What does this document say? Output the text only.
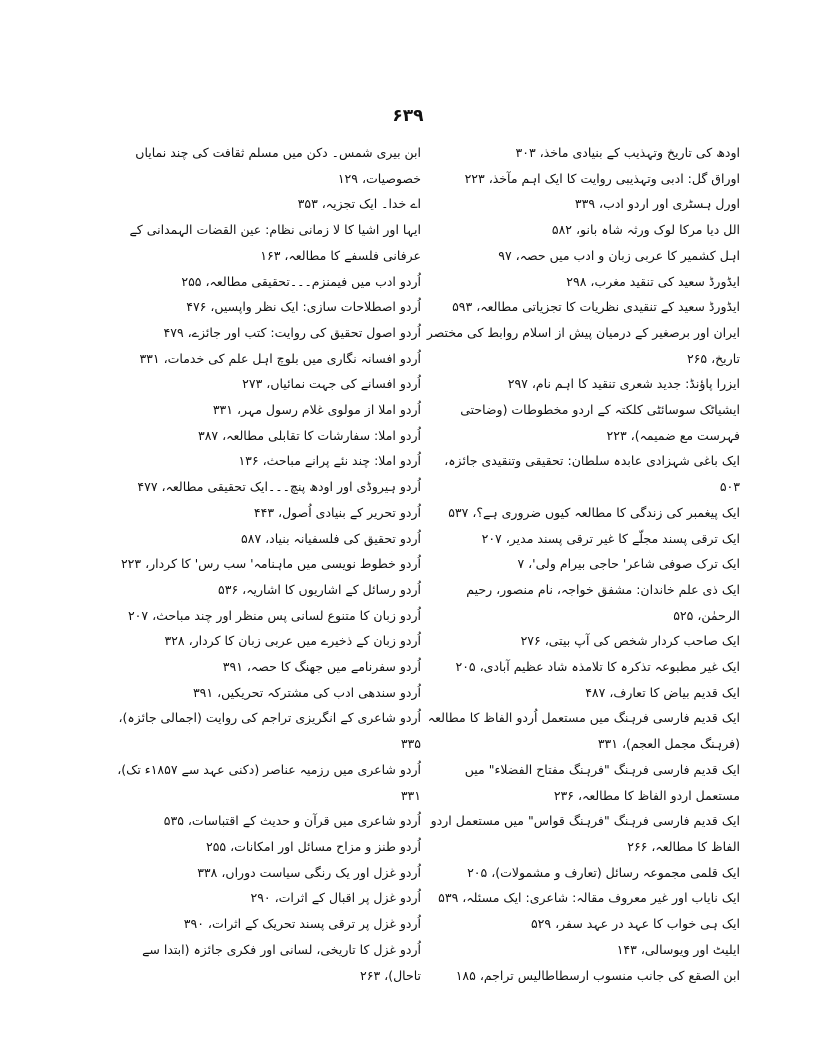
۶۳۹

اودھ کی تاریخ وتہذیب کے بنیادی ماخذ، ۳۰۳

اوراق گل: ادبی وتہذیبی روایت کا ایک اہم مآخذ، ۲۲۳

اورل ہسٹری اور اردو ادب، ۳۳۹

الل دیا مرکا لوک ورثہ شاہ بانو، ۵۸۲

اہل کشمیر کا عربی زبان و ادب میں حصہ، ۹۷

ایڈورڈ سعید کی تنقید مغرب، ۲۹۸

ایڈورڈ سعید کے تنقیدی نظریات کا تجزیاتی مطالعہ، ۵۹۳

ایران اور برصغیر کے درمیان پیش از اسلام روابط کی مختصر تاریخ، ۲۶۵

ایزرا پاؤنڈ: جدید شعری تنقید کا اہم نام، ۲۹۷

ایشیاٹک سوسائٹی کلکتہ کے اردو مخطوطات (وضاحتی فہرست مع ضمیمہ)، ۲۲۳

ایک باغی شہزادی عابدہ سلطان: تحقیقی وتنقیدی جائزہ، ۵۰۳

ایک پیغمبر کی زندگی کا مطالعہ کیوں ضروری ہے؟، ۵۳۷

ایک ترقی پسند مجلّے کا غیر ترقی پسند مدیر، ۲۰۷

ایک ترک صوفی شاعر' حاجی بیرام ولی'، ۷

ایک ذی علم خاندان: مشفق خواجہ، نام منصور، رحیم الرحمٰن، ۵۲۵

ایک صاحب کردار شخص کی آپ بیتی، ۲۷۶

ایک غیر مطبوعہ تذکرہ کا تلامذہ شاد عظیم آبادی، ۲۰۵

ایک قدیم بیاض کا تعارف، ۴۸۷

ایک قدیم فارسی فرہنگ میں مستعمل اُردو الفاظ کا مطالعہ (فرہنگ مجمل العجم)، ۳۳۱

ایک قدیم فارسی فرہنگ "فرہنگ مفتاح الفضلاء" میں مستعمل اردو الفاظ کا مطالعہ، ۲۳۶

ایک قدیم فارسی فرہنگ "فرہنگ قواس" میں مستعمل اردو الفاظ کا مطالعہ، ۲۶۶

ایک قلمی مجموعہ رسائل (تعارف و مشمولات)، ۲۰۵

ایک نایاب اور غیر معروف مقالہ: شاعری: ایک مسئلہ، ۵۳۹

ایک ہی خواب کا عہد در عہد سفر، ۵۲۹

ایلیٹ اور ویوسالی، ۱۴۳

ابن الصقع کی جانب منسوب ارسطاطالیس تراجم، ۱۸۵

ابن بیری شمس۔ دکن میں مسلم ثقافت کی چند نمایاں خصوصیات، ۱۲۹

اے خدا۔ ایک تجزیہ، ۳۵۳

ایہا اور اشیا کا لا زمانی نظام: عین القضات الہمدانی کے عرفانی فلسفے کا مطالعہ، ۱۶۳

اُردو ادب میں فیمنزم۔۔۔تحقیقی مطالعہ، ۲۵۵

اُردو اصطلاحات سازی: ایک نظر واپسیں، ۴۷۶

اُردو اصول تحقیق کی روایت: کتب اور جائزے، ۴۷۹

اُردو افسانہ نگاری میں بلوچ اہل علم کی خدمات، ۳۳۱

اُردو افسانے کی جہت نمائیاں، ۲۷۳

اُردو املا از مولوی غلام رسول مہر، ۳۳۱

اُردو املا: سفارشات کا تقابلی مطالعہ، ۳۸۷

اُردو املا: چند نئے پرانے مباحث، ۱۳۶

اُردو ہیروڈی اور اودھ پنچ۔۔۔ایک تحقیقی مطالعہ، ۴۷۷

اُردو تحریر کے بنیادی اُصول، ۴۴۳

اُردو تحقیق کی فلسفیانہ بنیاد، ۵۸۷

اُردو خطوط نویسی میں ماہنامہ' سب رس' کا کردار، ۲۲۳

اُردو رسائل کے اشاریوں کا اشاریہ، ۵۳۶

اُردو زبان کا متنوع لسانی پس منظر اور چند مباحث، ۲۰۷

اُردو زبان کے ذخیرے میں عربی زبان کا کردار، ۳۲۸

اُردو سفرنامے میں جھنگ کا حصہ، ۳۹۱

اُردو سندھی ادب کی مشترکہ تحریکیں، ۳۹۱

اُردو شاعری کے انگریزی تراجم کی روایت (اجمالی جائزہ)، ۳۳۵

اُردو شاعری میں رزمیہ عناصر (دکنی عہد سے ۱۸۵۷ء تک)، ۳۳۱

اُردو شاعری میں قرآن و حدیث کے اقتباسات، ۵۳۵

اُردو طنز و مزاح مسائل اور امکانات، ۲۵۵

اُردو غزل اور یک رنگی سیاست دوراں، ۳۳۸

اُردو غزل پر اقبال کے اثرات، ۲۹۰

اُردو غزل پر ترقی پسند تحریک کے اثرات، ۳۹۰

اُردو غزل کا تاریخی، لسانی اور فکری جائزہ (ابتدا سے تاحال)، ۲۶۳
